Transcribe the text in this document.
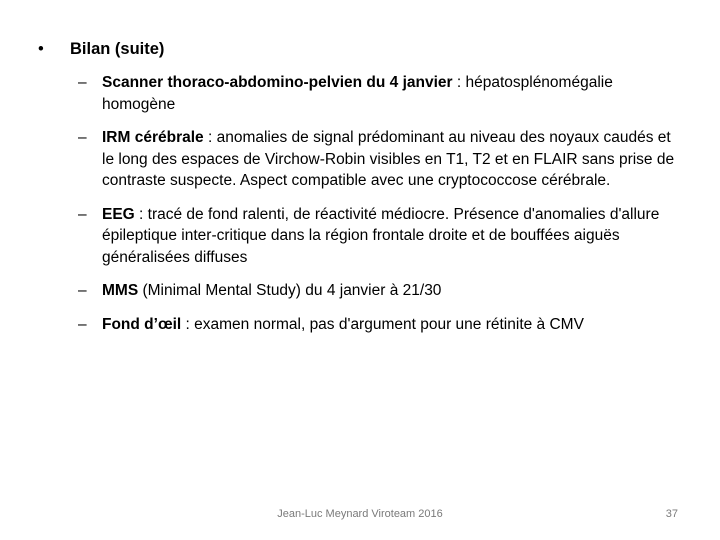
•	Bilan (suite)
– Scanner thoraco-abdomino-pelvien du 4 janvier : hépatosplénomégalie homogène
– IRM cérébrale : anomalies de signal prédominant au niveau des noyaux caudés et le long des espaces de Virchow-Robin visibles en T1, T2 et en FLAIR sans prise de contraste suspecte. Aspect compatible avec une cryptococcose cérébrale.
– EEG : tracé de fond ralenti, de réactivité médiocre. Présence d'anomalies d'allure épileptique inter-critique dans la région frontale droite et de bouffées aiguës généralisées diffuses
– MMS (Minimal Mental Study) du 4 janvier à 21/30
– Fond d’œil : examen normal, pas d'argument pour une rétinite à CMV
Jean-Luc Meynard Viroteam 2016	37
